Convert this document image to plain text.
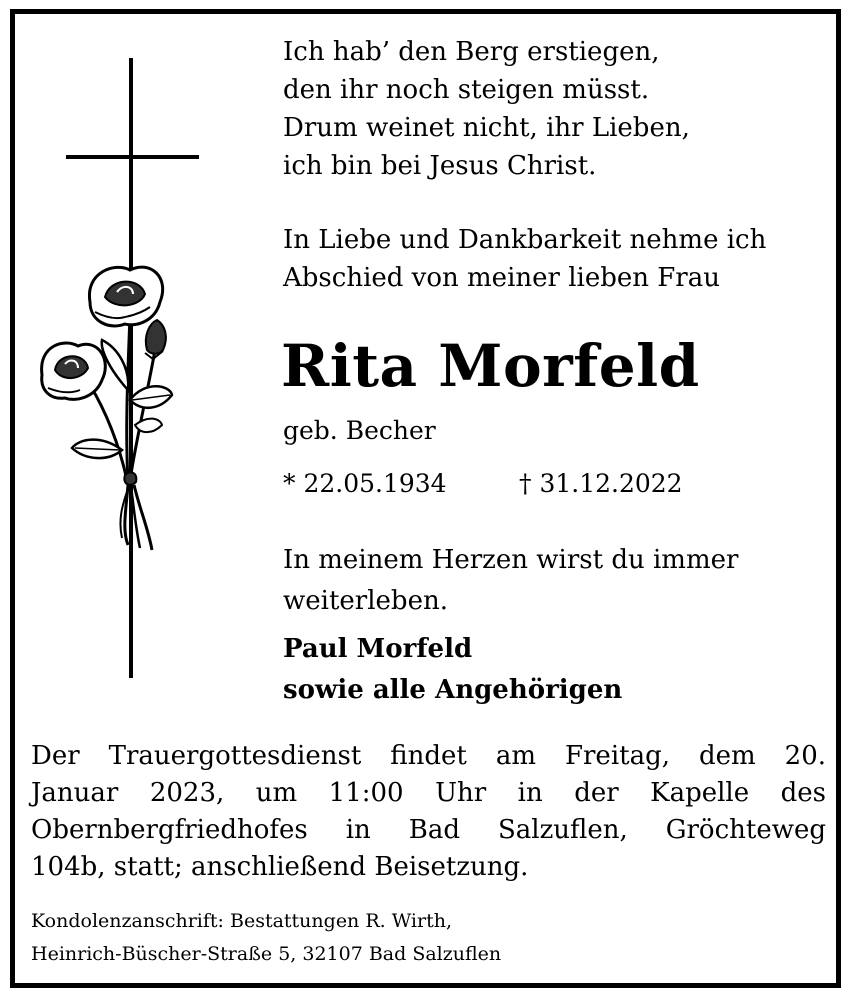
Ich hab’ den Berg erstiegen,
den ihr noch steigen müsst.
Drum weinet nicht, ihr Lieben,
ich bin bei Jesus Christ.
In Liebe und Dankbarkeit nehme ich
Abschied von meiner lieben Frau
Rita Morfeld
geb. Becher
* 22.05.1934	† 31.12.2022
In meinem Herzen wirst du immer
weiterleben.
Paul Morfeld
sowie alle Angehörigen
Der Trauergottesdienst findet am Freitag, dem 20.
Januar 2023, um 11:00 Uhr in der Kapelle des
Obernbergfriedhofes in Bad Salzuflen, Gröchteweg
104b, statt; anschließend Beisetzung.
Kondolenzanschrift: Bestattungen R. Wirth,
Heinrich-Büscher-Straße 5, 32107 Bad Salzuflen
